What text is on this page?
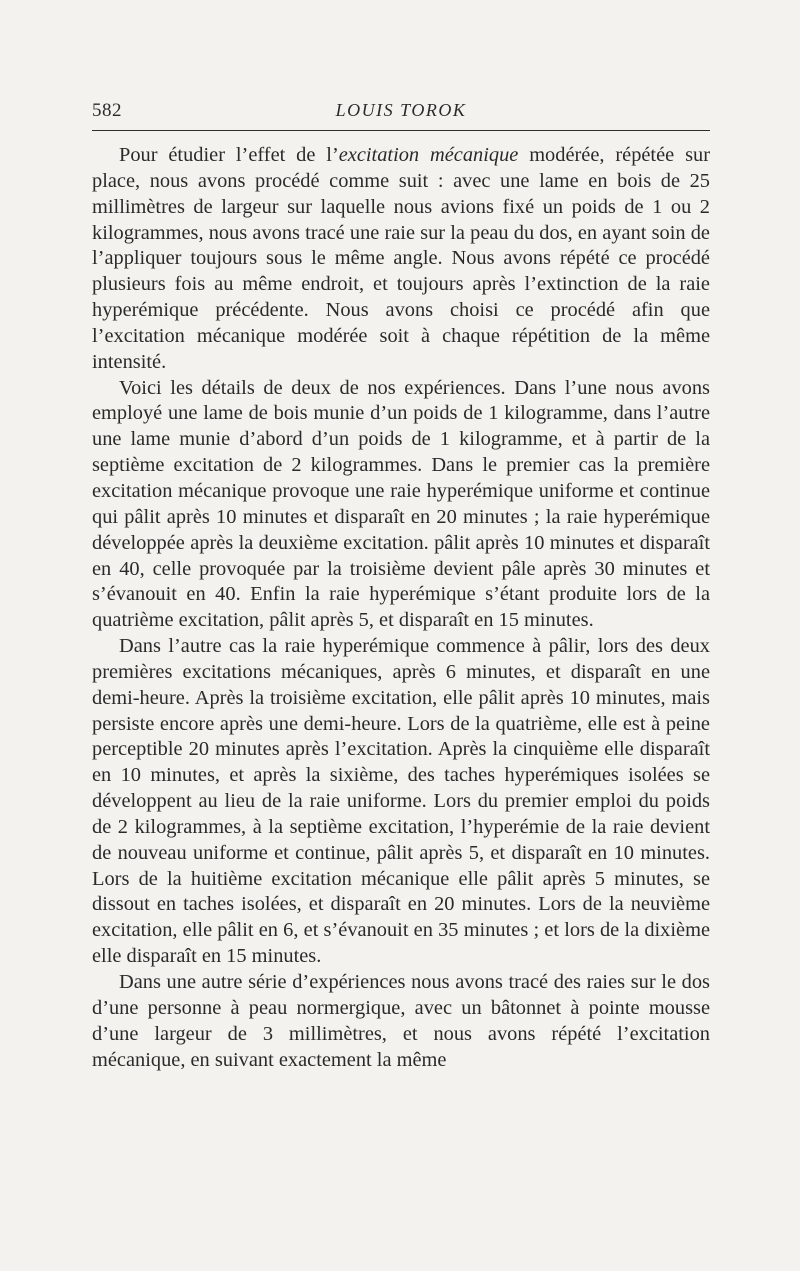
582	LOUIS TOROK

Pour étudier l’effet de l’excitation mécanique modérée, répétée sur place, nous avons procédé comme suit : avec une lame en bois de 25 millimètres de largeur sur laquelle nous avions fixé un poids de 1 ou 2 kilogrammes, nous avons tracé une raie sur la peau du dos, en ayant soin de l’appliquer toujours sous le même angle. Nous avons répété ce procédé plusieurs fois au même endroit, et toujours après l’extinction de la raie hyperémique précédente. Nous avons choisi ce procédé afin que l’excitation mécanique modérée soit à chaque répétition de la même intensité.

Voici les détails de deux de nos expériences. Dans l’une nous avons employé une lame de bois munie d’un poids de 1 kilogramme, dans l’autre une lame munie d’abord d’un poids de 1 kilogramme, et à partir de la septième excitation de 2 kilogrammes. Dans le premier cas la première excitation mécanique provoque une raie hyperémique uniforme et continue qui pâlit après 10 minutes et disparaît en 20 minutes ; la raie hyperémique développée après la deuxième excitation. pâlit après 10 minutes et disparaît en 40, celle provoquée par la troisième devient pâle après 30 minutes et s’évanouit en 40. Enfin la raie hyperémique s’étant produite lors de la quatrième excitation, pâlit après 5, et disparaît en 15 minutes.

Dans l’autre cas la raie hyperémique commence à pâlir, lors des deux premières excitations mécaniques, après 6 minutes, et disparaît en une demi-heure. Après la troisième excitation, elle pâlit après 10 minutes, mais persiste encore après une demi-heure. Lors de la quatrième, elle est à peine perceptible 20 minutes après l’excitation. Après la cinquième elle disparaît en 10 minutes, et après la sixième, des taches hyperémiques isolées se développent au lieu de la raie uniforme. Lors du premier emploi du poids de 2 kilogrammes, à la septième excitation, l’hyperémie de la raie devient de nouveau uniforme et continue, pâlit après 5, et disparaît en 10 minutes. Lors de la huitième excitation mécanique elle pâlit après 5 minutes, se dissout en taches isolées, et disparaît en 20 minutes. Lors de la neuvième excitation, elle pâlit en 6, et s’évanouit en 35 minutes ; et lors de la dixième elle disparaît en 15 minutes.

Dans une autre série d’expériences nous avons tracé des raies sur le dos d’une personne à peau normergique, avec un bâtonnet à pointe mousse d’une largeur de 3 millimètres, et nous avons répété l’excitation mécanique, en suivant exactement la même
